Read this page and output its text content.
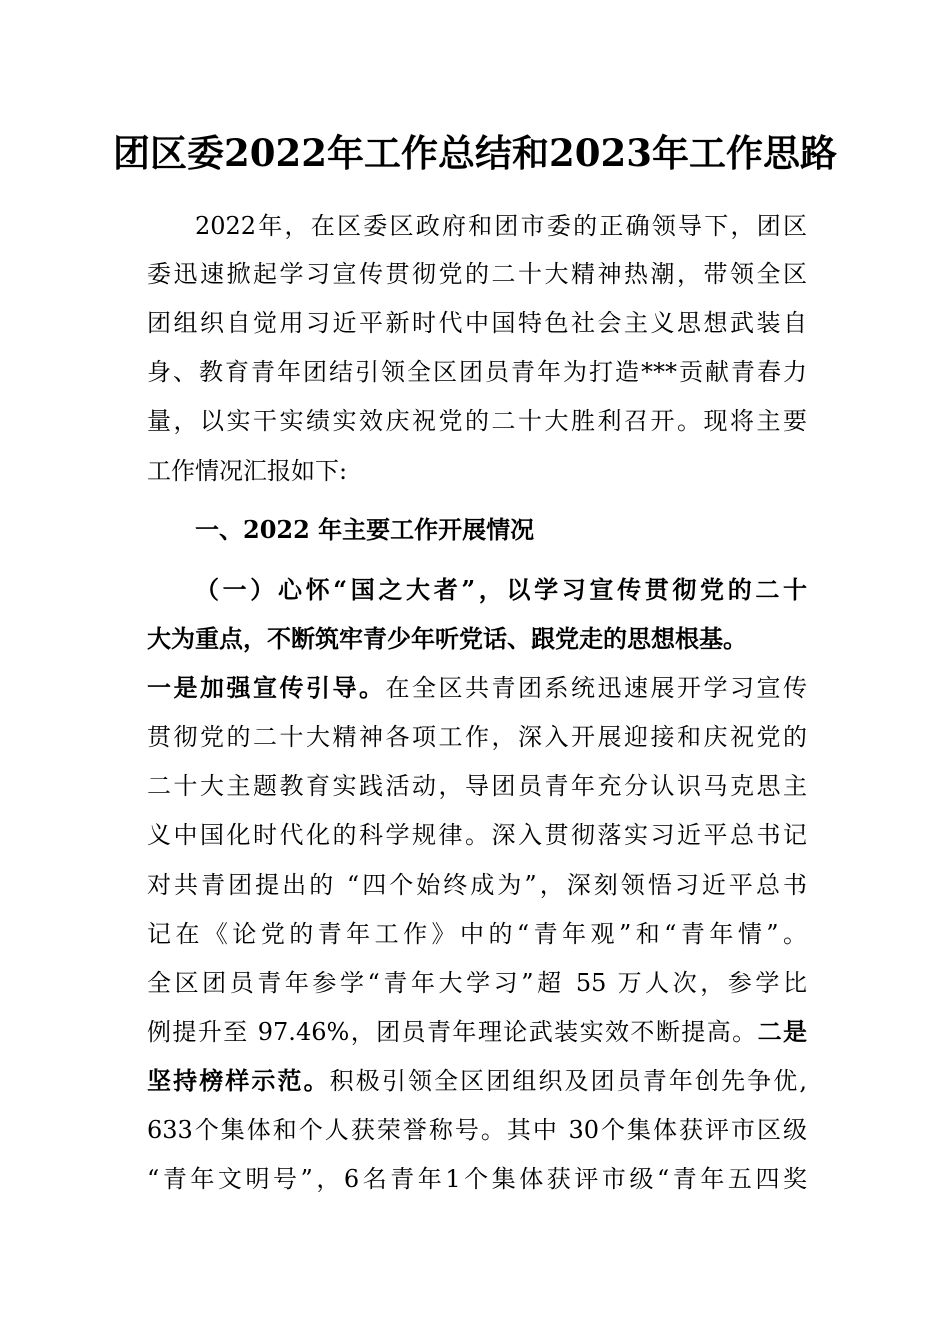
团区委2022年工作总结和2023年工作思路
2022年，在区委区政府和团市委的正确领导下，团区
委迅速掀起学习宣传贯彻党的二十大精神热潮，带领全区
团组织自觉用习近平新时代中国特色社会主义思想武装自
身、教育青年团结引领全区团员青年为打造***贡献青春力
量，以实干实绩实效庆祝党的二十大胜利召开。现将主要
工作情况汇报如下:
一、2022 年主要工作开展情况
（一）心怀“国之大者”，以学习宣传贯彻党的二十
大为重点，不断筑牢青少年听党话、跟党走的思想根基。
一是加强宣传引导。在全区共青团系统迅速展开学习宣传
贯彻党的二十大精神各项工作，深入开展迎接和庆祝党的
二十大主题教育实践活动，导团员青年充分认识马克思主
义中国化时代化的科学规律。深入贯彻落实习近平总书记
对共青团提出的 “四个始终成为”，深刻领悟习近平总书
记在《论党的青年工作》中的“青年观”和“青年情”。
全区团员青年参学“青年大学习”超 55 万人次，参学比
例提升至 97.46%，团员青年理论武装实效不断提高。二是
坚持榜样示范。积极引领全区团组织及团员青年创先争优,
633个集体和个人获荣誉称号。其中 30个集体获评市区级
“青年文明号”，6名青年1个集体获评市级“青年五四奖
